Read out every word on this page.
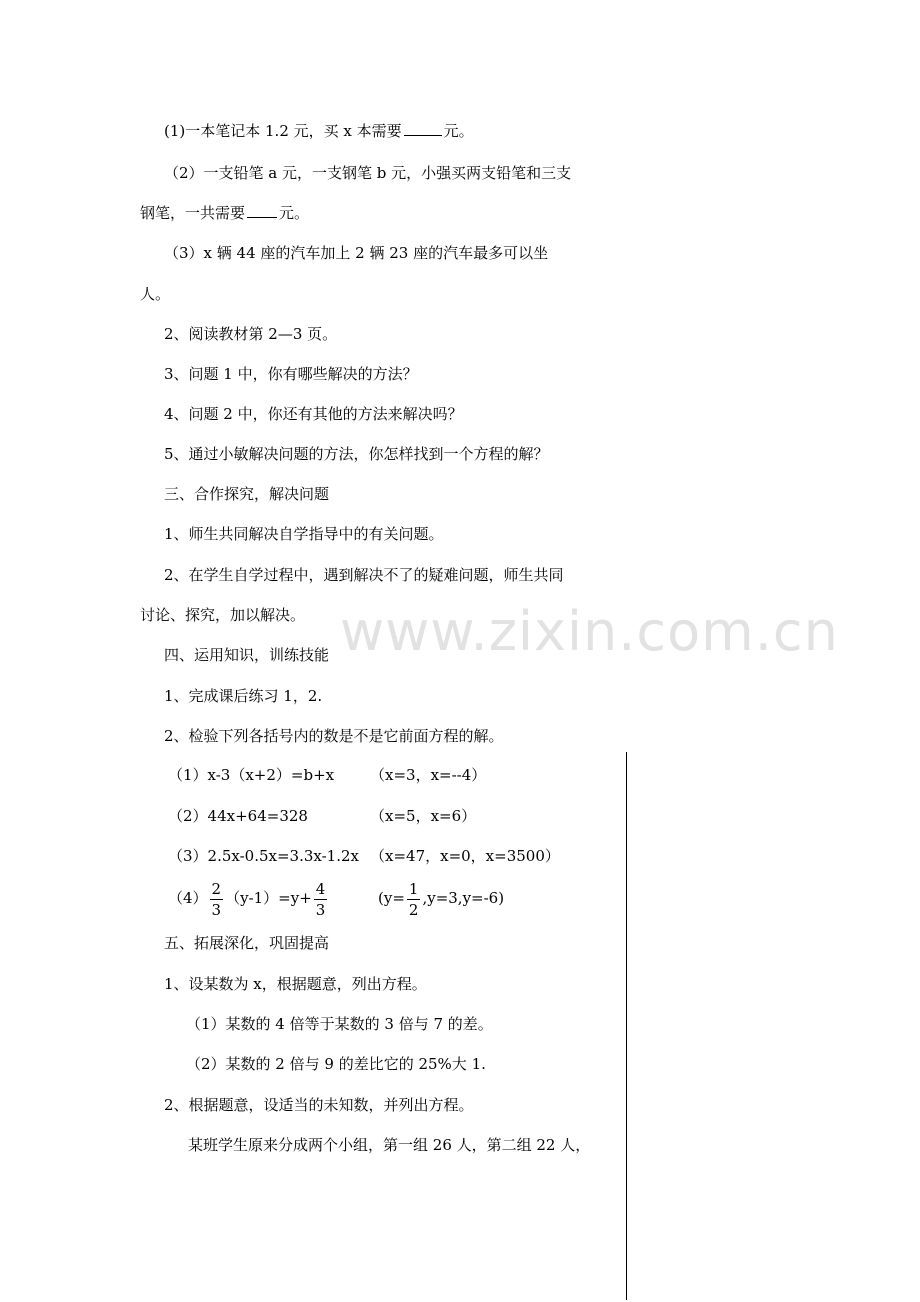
www.zixin.com.cn
(1)一本笔记本 1.2 元，买 x 本需要	元。
（2）一支铅笔 a 元，一支钢笔 b 元，小强买两支铅笔和三支
钢笔，一共需要 元。
（3）x 辆 44 座的汽车加上 2 辆 23 座的汽车最多可以坐
人。
2、阅读教材第 2—3 页。
3、问题 1 中，你有哪些解决的方法？
4、问题 2 中，你还有其他的方法来解决吗？
5、通过小敏解决问题的方法，你怎样找到一个方程的解？
三、合作探究，解决问题
1、师生共同解决自学指导中的有关问题。
2、在学生自学过程中，遇到解决不了的疑难问题，师生共同
讨论、探究，加以解决。
四、运用知识，训练技能
1、完成课后练习 1，2.
2、检验下列各括号内的数是不是它前面方程的解。
（1）x-3（x+2）=b+x （x=3，x=--4）
（2）44x+64=328	（x=5，x=6）
（3）2.5x-0.5x=3.3x-1.2x （x=47，x=0，x=3500）
$(4) \frac{2}{3} (y-1)=y+ \frac{4}{3}$	$(y= \frac{1}{2} ,y=3,y=-6)$
五、拓展深化，巩固提高
1、设某数为 x，根据题意，列出方程。
（1）某数的 4 倍等于某数的 3 倍与 7 的差。
（2）某数的 2 倍与 9 的差比它的 25%大 1.
2、根据题意，设适当的未知数，并列出方程。
某班学生原来分成两个小组，第一组 26 人，第二组 22 人，
